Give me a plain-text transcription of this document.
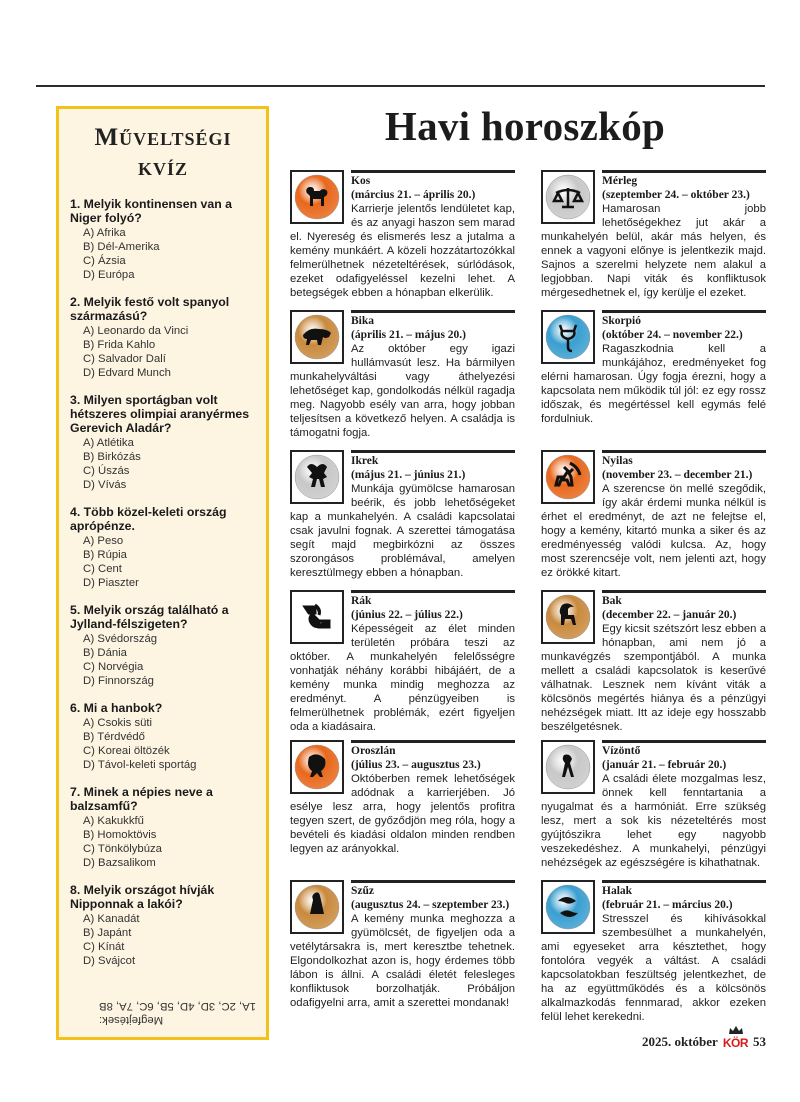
Műveltségi
kvíz
1. Melyik kontinensen van a Niger folyó?
A) Afrika
B) Dél-Amerika
C) Ázsia
D) Európa
2. Melyik festő volt spanyol származású?
A) Leonardo da Vinci
B) Frida Kahlo
C) Salvador Dalí
D) Edvard Munch
3. Milyen sportágban volt hétszeres olimpiai aranyérmes Gerevich Aladár?
A) Atlétika
B) Birkózás
C) Úszás
D) Vívás
4. Több közel-keleti ország aprópénze.
A) Peso
B) Rúpia
C) Cent
D) Piaszter
5. Melyik ország található a Jylland-félszigeten?
A) Svédország
B) Dánia
C) Norvégia
D) Finnország
6. Mi a hanbok?
A) Csokis süti
B) Térdvédő
C) Koreai öltözék
D) Távol-keleti sportág
7. Minek a népies neve a balzsamfű?
A) Kakukkfű
B) Homoktövis
C) Tönkölybúza
D) Bazsalikom
8. Melyik országot hívják Nipponnak a lakói?
A) Kanadát
B) Japánt
C) Kínát
D) Svájcot
Megfejtések:
1A, 2C, 3D, 4D, 5B, 6C, 7A, 8B
Havi horoszkóp
Kos
(március 21. – április 20.)
Karrierje jelentős lendületet kap, és az anyagi haszon sem marad el. Nyereség és elismerés lesz a jutalma a kemény munkáért. A közeli hozzátartozókkal felmerülhetnek nézeteltérések, súrlódások, ezeket odafigyeléssel kezelni lehet. A betegségek ebben a hónapban elkerülik.
Mérleg
(szeptember 24. – október 23.)
Hamarosan jobb lehetőségekhez jut akár a munkahelyén belül, akár más helyen, és ennek a vagyoni előnye is jelentkezik majd. Sajnos a szerelmi helyzete nem alakul a legjobban. Napi viták és konfliktusok mérgesedhetnek el, így kerülje el ezeket.
Bika
(április 21. – május 20.)
Az október egy igazi hullámvasút lesz. Ha bármilyen munkahelyváltási vagy áthelyezési lehetőséget kap, gondolkodás nélkül ragadja meg. Nagyobb esély van arra, hogy jobban teljesítsen a következő helyen. A családja is támogatni fogja.
Skorpió
(október 24. – november 22.)
Ragaszkodnia kell a munkájához, eredményeket fog elérni hamarosan. Úgy fogja érezni, hogy a kapcsolata nem működik túl jól: ez egy rossz időszak, és megértéssel kell egymás felé fordulniuk.
Ikrek
(május 21. – június 21.)
Munkája gyümölcse hamarosan beérik, és jobb lehetőségeket kap a munkahelyén. A családi kapcsolatai csak javulni fognak. A szerettei támogatása segít majd megbirkózni az összes szorongásos problémával, amelyen keresztülmegy ebben a hónapban.
Nyilas
(november 23. – december 21.)
A szerencse ön mellé szegődik, így akár érdemi munka nélkül is érhet el eredményt, de azt ne felejtse el, hogy a kemény, kitartó munka a siker és az eredményesség valódi kulcsa. Az, hogy most szerencséje volt, nem jelenti azt, hogy ez örökké kitart.
Rák
(június 22. – július 22.)
Képességeit az élet minden területén próbára teszi az október. A munkahelyén felelősségre vonhatják néhány korábbi hibájáért, de a kemény munka mindig meghozza az eredményt. A pénzügyeiben is felmerülhetnek problémák, ezért figyeljen oda a kiadásaira.
Bak
(december 22. – január 20.)
Egy kicsit szétszórt lesz ebben a hónapban, ami nem jó a munkavégzés szempontjából. A munka mellett a családi kapcsolatok is keserűvé válhatnak. Lesznek nem kívánt viták a kölcsönös megértés hiánya és a pénzügyi nehézségek miatt. Itt az ideje egy hosszabb beszélgetésnek.
Oroszlán
(július 23. – augusztus 23.)
Októberben remek lehetőségek adódnak a karrierjében. Jó esélye lesz arra, hogy jelentős profitra tegyen szert, de győződjön meg róla, hogy a bevételi és kiadási oldalon minden rendben legyen az arányokkal.
Vízöntő
(január 21. – február 20.)
A családi élete mozgalmas lesz, önnek kell fenntartania a nyugalmat és a harmóniát. Erre szükség lesz, mert a sok kis nézeteltérés most gyújtószikra lehet egy nagyobb veszekedéshez. A munkahelyi, pénzügyi nehézségek az egészségére is kihathatnak.
Szűz
(augusztus 24. – szeptember 23.)
A kemény munka meghozza a gyümölcsét, de figyeljen oda a vetélytársakra is, mert keresztbe tehetnek. Elgondolkozhat azon is, hogy érdemes több lábon is állni. A családi életét felesleges konfliktusok borzolhatják. Próbáljon odafigyelni arra, amit a szerettei mondanak!
Halak
(február 21. – március 20.)
Stresszel és kihívásokkal szembesülhet a munkahelyén, ami egyeseket arra késztethet, hogy fontolóra vegyék a váltást. A családi kapcsolatokban feszültség jelentkezhet, de ha az együttműködés és a kölcsönös alkalmazkodás fennmarad, akkor ezeken felül lehet kerekedni.
2025. október KÖR 53
